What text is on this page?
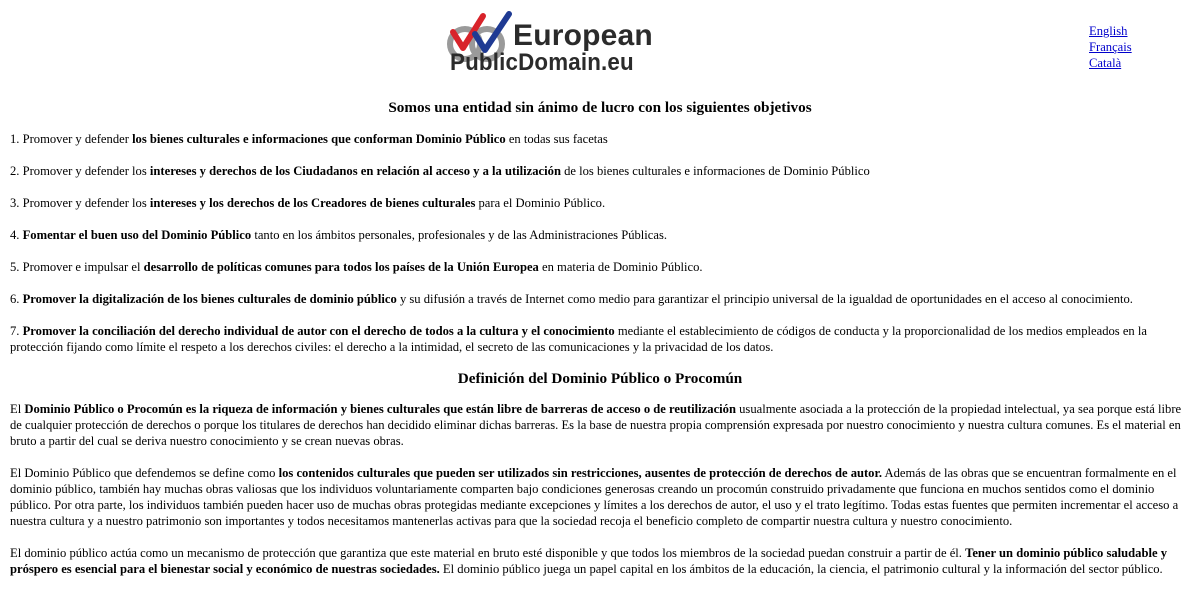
European
PublicDomain.eu
English
Français
Català
Somos una entidad sin ánimo de lucro con los siguientes objetivos

1. Promover y defender los bienes culturales e informaciones que conforman Dominio Público en todas sus facetas

2. Promover y defender los intereses y derechos de los Ciudadanos en relación al acceso y a la utilización de los bienes culturales e informaciones de Dominio Público

3. Promover y defender los intereses y los derechos de los Creadores de bienes culturales para el Dominio Público.

4. Fomentar el buen uso del Dominio Público tanto en los ámbitos personales, profesionales y de las Administraciones Públicas.

5. Promover e impulsar el desarrollo de políticas comunes para todos los países de la Unión Europea en materia de Dominio Público.

6. Promover la digitalización de los bienes culturales de dominio público y su difusión a través de Internet como medio para garantizar el principio universal de la igualdad de oportunidades en el acceso al conocimiento.

7. Promover la conciliación del derecho individual de autor con el derecho de todos a la cultura y el conocimiento mediante el establecimiento de códigos de conducta y la proporcionalidad de los medios empleados en la protección fijando como límite el respeto a los derechos civiles: el derecho a la intimidad, el secreto de las comunicaciones y la privacidad de los datos.

Definición del Dominio Público o Procomún

El Dominio Público o Procomún es la riqueza de información y bienes culturales que están libre de barreras de acceso o de reutilización usualmente asociada a la protección de la propiedad intelectual, ya sea porque está libre de cualquier protección de derechos o porque los titulares de derechos han decidido eliminar dichas barreras. Es la base de nuestra propia comprensión expresada por nuestro conocimiento y nuestra cultura comunes. Es el material en bruto a partir del cual se deriva nuestro conocimiento y se crean nuevas obras.

El Dominio Público que defendemos se define como los contenidos culturales que pueden ser utilizados sin restricciones, ausentes de protección de derechos de autor. Además de las obras que se encuentran formalmente en el dominio público, también hay muchas obras valiosas que los individuos voluntariamente comparten bajo condiciones generosas creando un procomún construido privadamente que funciona en muchos sentidos como el dominio público. Por otra parte, los individuos también pueden hacer uso de muchas obras protegidas mediante excepciones y límites a los derechos de autor, el uso y el trato legítimo. Todas estas fuentes que permiten incrementar el acceso a nuestra cultura y a nuestro patrimonio son importantes y todos necesitamos mantenerlas activas para que la sociedad recoja el beneficio completo de compartir nuestra cultura y nuestro conocimiento.

El dominio público actúa como un mecanismo de protección que garantiza que este material en bruto esté disponible y que todos los miembros de la sociedad puedan construir a partir de él. Tener un dominio público saludable y próspero es esencial para el bienestar social y económico de nuestras sociedades. El dominio público juega un papel capital en los ámbitos de la educación, la ciencia, el patrimonio cultural y la información del sector público.
